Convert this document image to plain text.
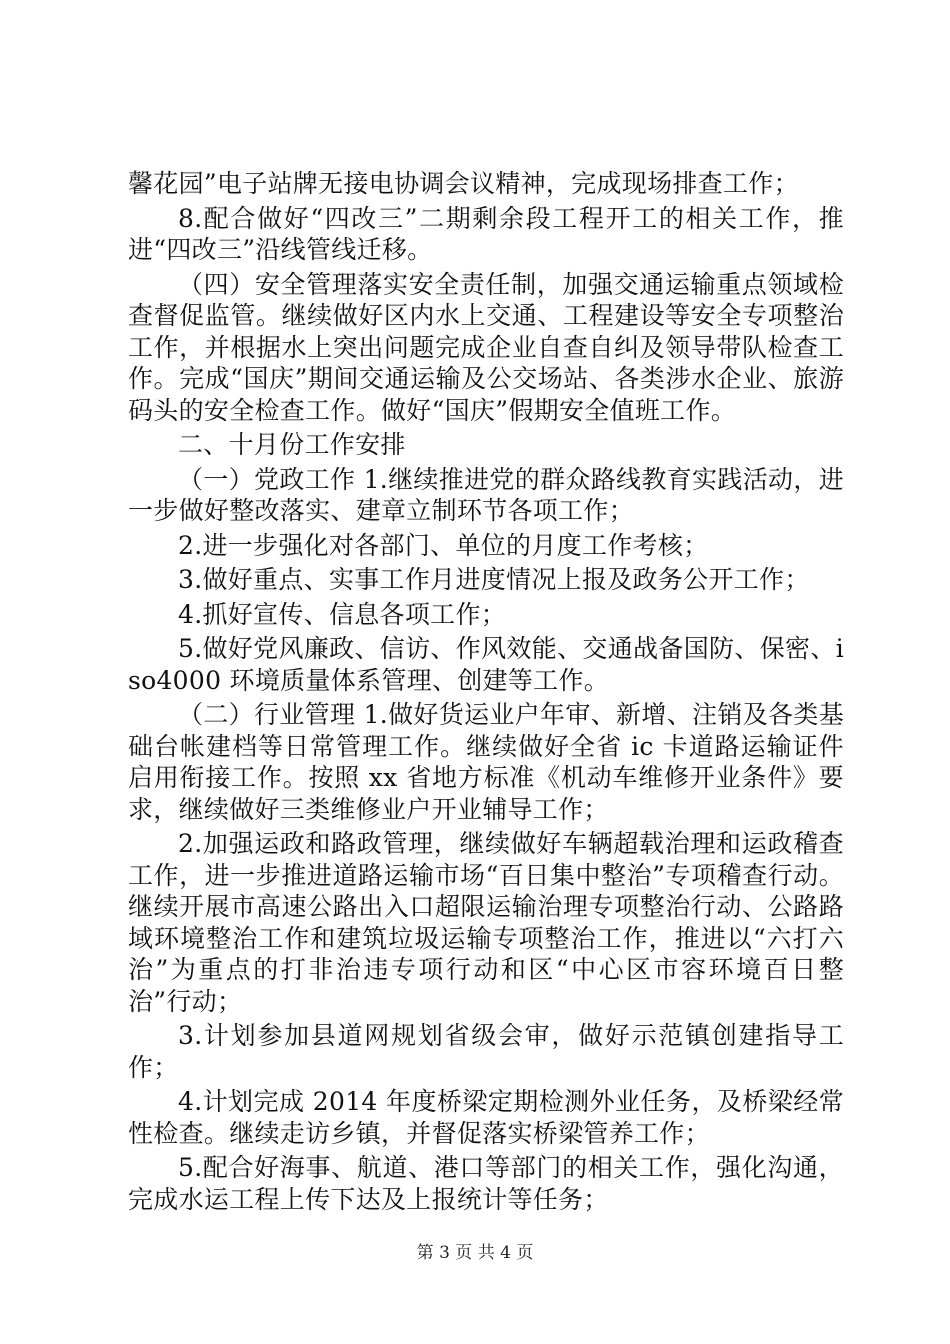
馨花园”电子站牌无接电协调会议精神，完成现场排查工作；

8.配合做好“四改三”二期剩余段工程开工的相关工作，推进“四改三”沿线管线迁移。

（四）安全管理落实安全责任制，加强交通运输重点领域检查督促监管。继续做好区内水上交通、工程建设等安全专项整治工作，并根据水上突出问题完成企业自查自纠及领导带队检查工作。完成“国庆”期间交通运输及公交场站、各类涉水企业、旅游码头的安全检查工作。做好“国庆”假期安全值班工作。

二、十月份工作安排

（一）党政工作 1.继续推进党的群众路线教育实践活动，进一步做好整改落实、建章立制环节各项工作；

2.进一步强化对各部门、单位的月度工作考核；

3.做好重点、实事工作月进度情况上报及政务公开工作；

4.抓好宣传、信息各项工作；

5.做好党风廉政、信访、作风效能、交通战备国防、保密、iso4000 环境质量体系管理、创建等工作。

（二）行业管理 1.做好货运业户年审、新增、注销及各类基础台帐建档等日常管理工作。继续做好全省 ic 卡道路运输证件启用衔接工作。按照 xx 省地方标准《机动车维修开业条件》要求，继续做好三类维修业户开业辅导工作；

2.加强运政和路政管理，继续做好车辆超载治理和运政稽查工作，进一步推进道路运输市场“百日集中整治”专项稽查行动。继续开展市高速公路出入口超限运输治理专项整治行动、公路路域环境整治工作和建筑垃圾运输专项整治工作，推进以“六打六治”为重点的打非治违专项行动和区“中心区市容环境百日整治”行动；

3.计划参加县道网规划省级会审，做好示范镇创建指导工作；

4.计划完成 2014 年度桥梁定期检测外业任务，及桥梁经常性检查。继续走访乡镇，并督促落实桥梁管养工作；

5.配合好海事、航道、港口等部门的相关工作，强化沟通，完成水运工程上传下达及上报统计等任务；

第 3 页 共 4 页
